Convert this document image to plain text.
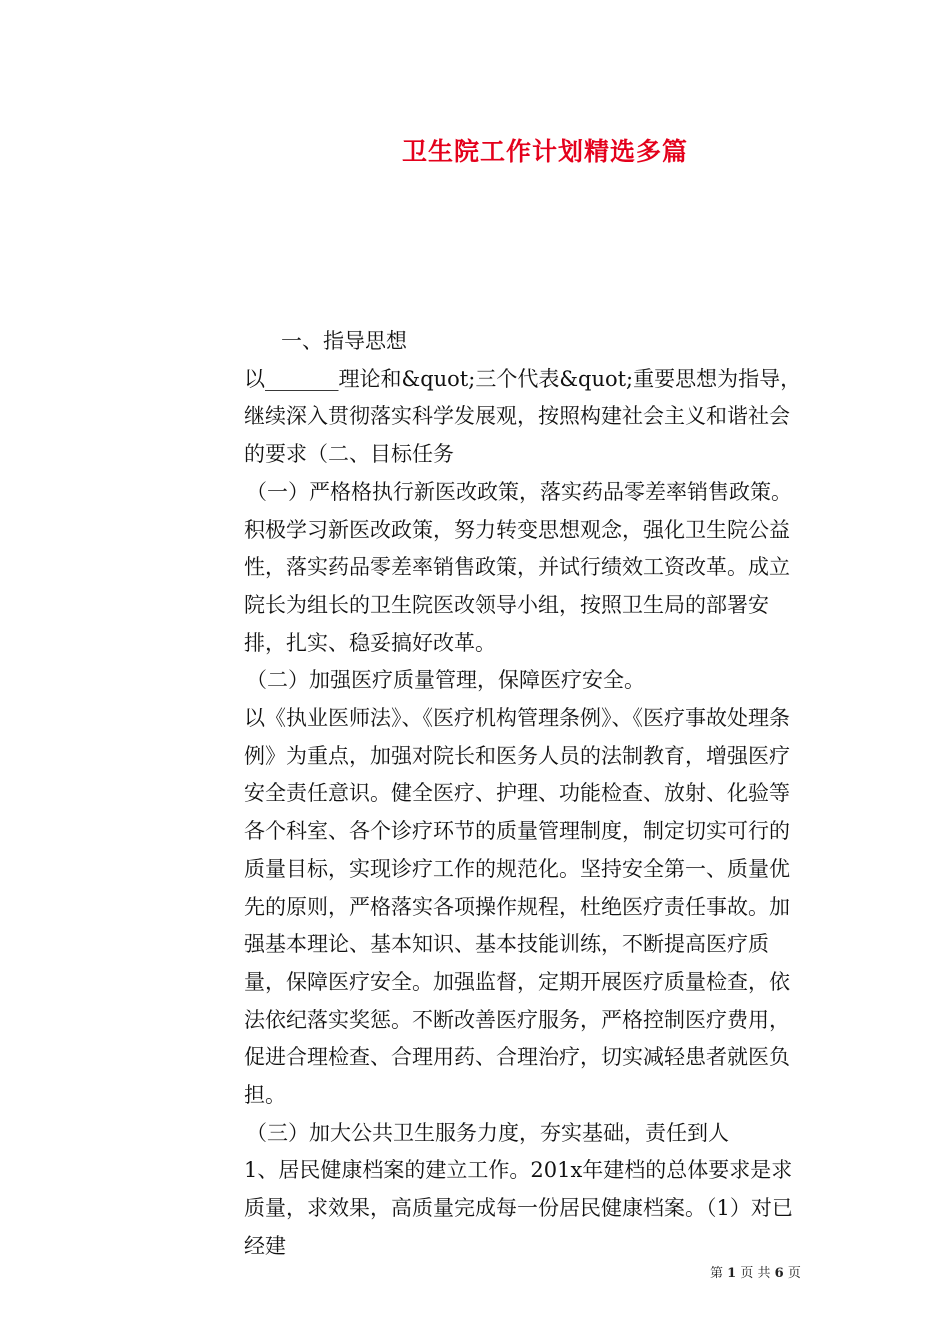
卫生院工作计划精选多篇

一、指导思想

以_______理论和&quot;三个代表&quot;重要思想为指导，继续深入贯彻落实科学发展观，按照构建社会主义和谐社会的要求（二、目标任务

（一）严格格执行新医改政策，落实药品零差率销售政策。

积极学习新医改政策，努力转变思想观念，强化卫生院公益性，落实药品零差率销售政策，并试行绩效工资改革。成立院长为组长的卫生院医改领导小组，按照卫生局的部署安排，扎实、稳妥搞好改革。

（二）加强医疗质量管理，保障医疗安全。

以《执业医师法》、《医疗机构管理条例》、《医疗事故处理条例》为重点，加强对院长和医务人员的法制教育，增强医疗安全责任意识。健全医疗、护理、功能检查、放射、化验等各个科室、各个诊疗环节的质量管理制度，制定切实可行的质量目标，实现诊疗工作的规范化。坚持安全第一、质量优先的原则，严格落实各项操作规程，杜绝医疗责任事故。加强基本理论、基本知识、基本技能训练，不断提高医疗质量，保障医疗安全。加强监督，定期开展医疗质量检查，依法依纪落实奖惩。不断改善医疗服务，严格控制医疗费用，促进合理检查、合理用药、合理治疗，切实减轻患者就医负担。

（三）加大公共卫生服务力度，夯实基础，责任到人

1、居民健康档案的建立工作。201x年建档的总体要求是求质量，求效果，高质量完成每一份居民健康档案。（1）对已经建

第 1 页 共 6 页
